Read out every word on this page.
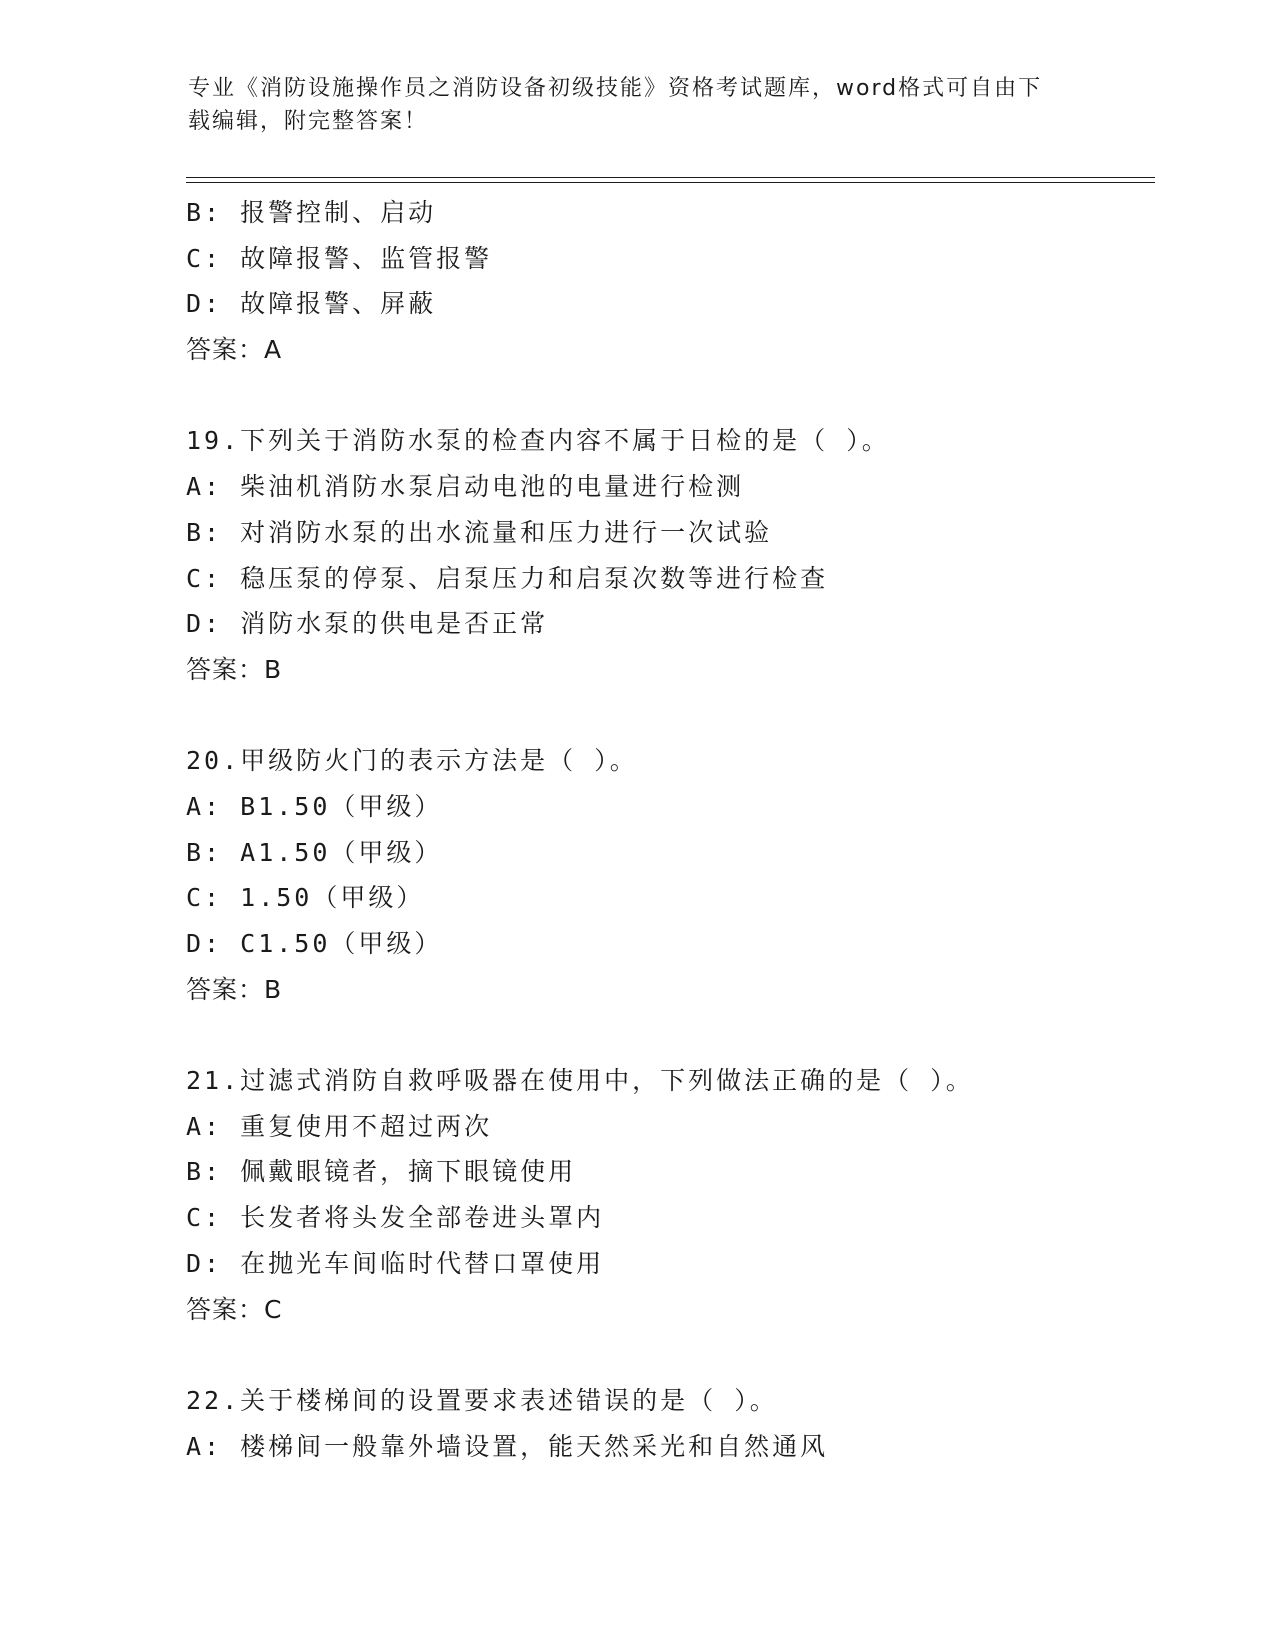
专业《消防设施操作员之消防设备初级技能》资格考试题库，word格式可自由下
载编辑，附完整答案！
B: 报警控制、启动
C: 故障报警、监管报警
D: 故障报警、屏蔽
答案：A
19.下列关于消防水泵的检查内容不属于日检的是（ ）。
A: 柴油机消防水泵启动电池的电量进行检测
B: 对消防水泵的出水流量和压力进行一次试验
C: 稳压泵的停泵、启泵压力和启泵次数等进行检查
D: 消防水泵的供电是否正常
答案：B
20.甲级防火门的表示方法是（ ）。
A: B1.50（甲级）
B: A1.50（甲级）
C: 1.50（甲级）
D: C1.50（甲级）
答案：B
21.过滤式消防自救呼吸器在使用中，下列做法正确的是（ ）。
A: 重复使用不超过两次
B: 佩戴眼镜者，摘下眼镜使用
C: 长发者将头发全部卷进头罩内
D: 在抛光车间临时代替口罩使用
答案：C
22.关于楼梯间的设置要求表述错误的是（ ）。
A: 楼梯间一般靠外墙设置，能天然采光和自然通风
